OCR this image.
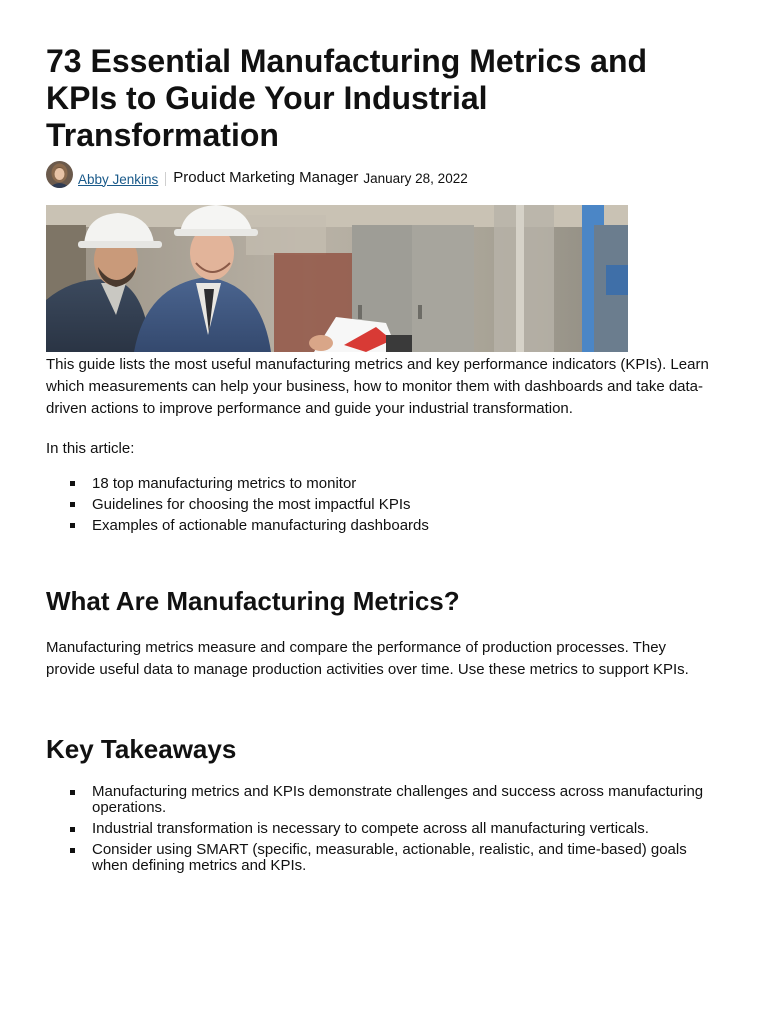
73 Essential Manufacturing Metrics and KPIs to Guide Your Industrial Transformation
Abby Jenkins Product Marketing Manager January 28, 2022

This guide lists the most useful manufacturing metrics and key performance indicators (KPIs). Learn which measurements can help your business, how to monitor them with dashboards and take data-driven actions to improve performance and guide your industrial transformation.

In this article:

18 top manufacturing metrics to monitor
Guidelines for choosing the most impactful KPIs
Examples of actionable manufacturing dashboards
What Are Manufacturing Metrics?

Manufacturing metrics measure and compare the performance of production processes. They provide useful data to manage production activities over time. Use these metrics to support KPIs.

Key Takeaways
Manufacturing metrics and KPIs demonstrate challenges and success across manufacturing operations.
Industrial transformation is necessary to compete across all manufacturing verticals.
Consider using SMART (specific, measurable, actionable, realistic, and time-based) goals when defining metrics and KPIs.
